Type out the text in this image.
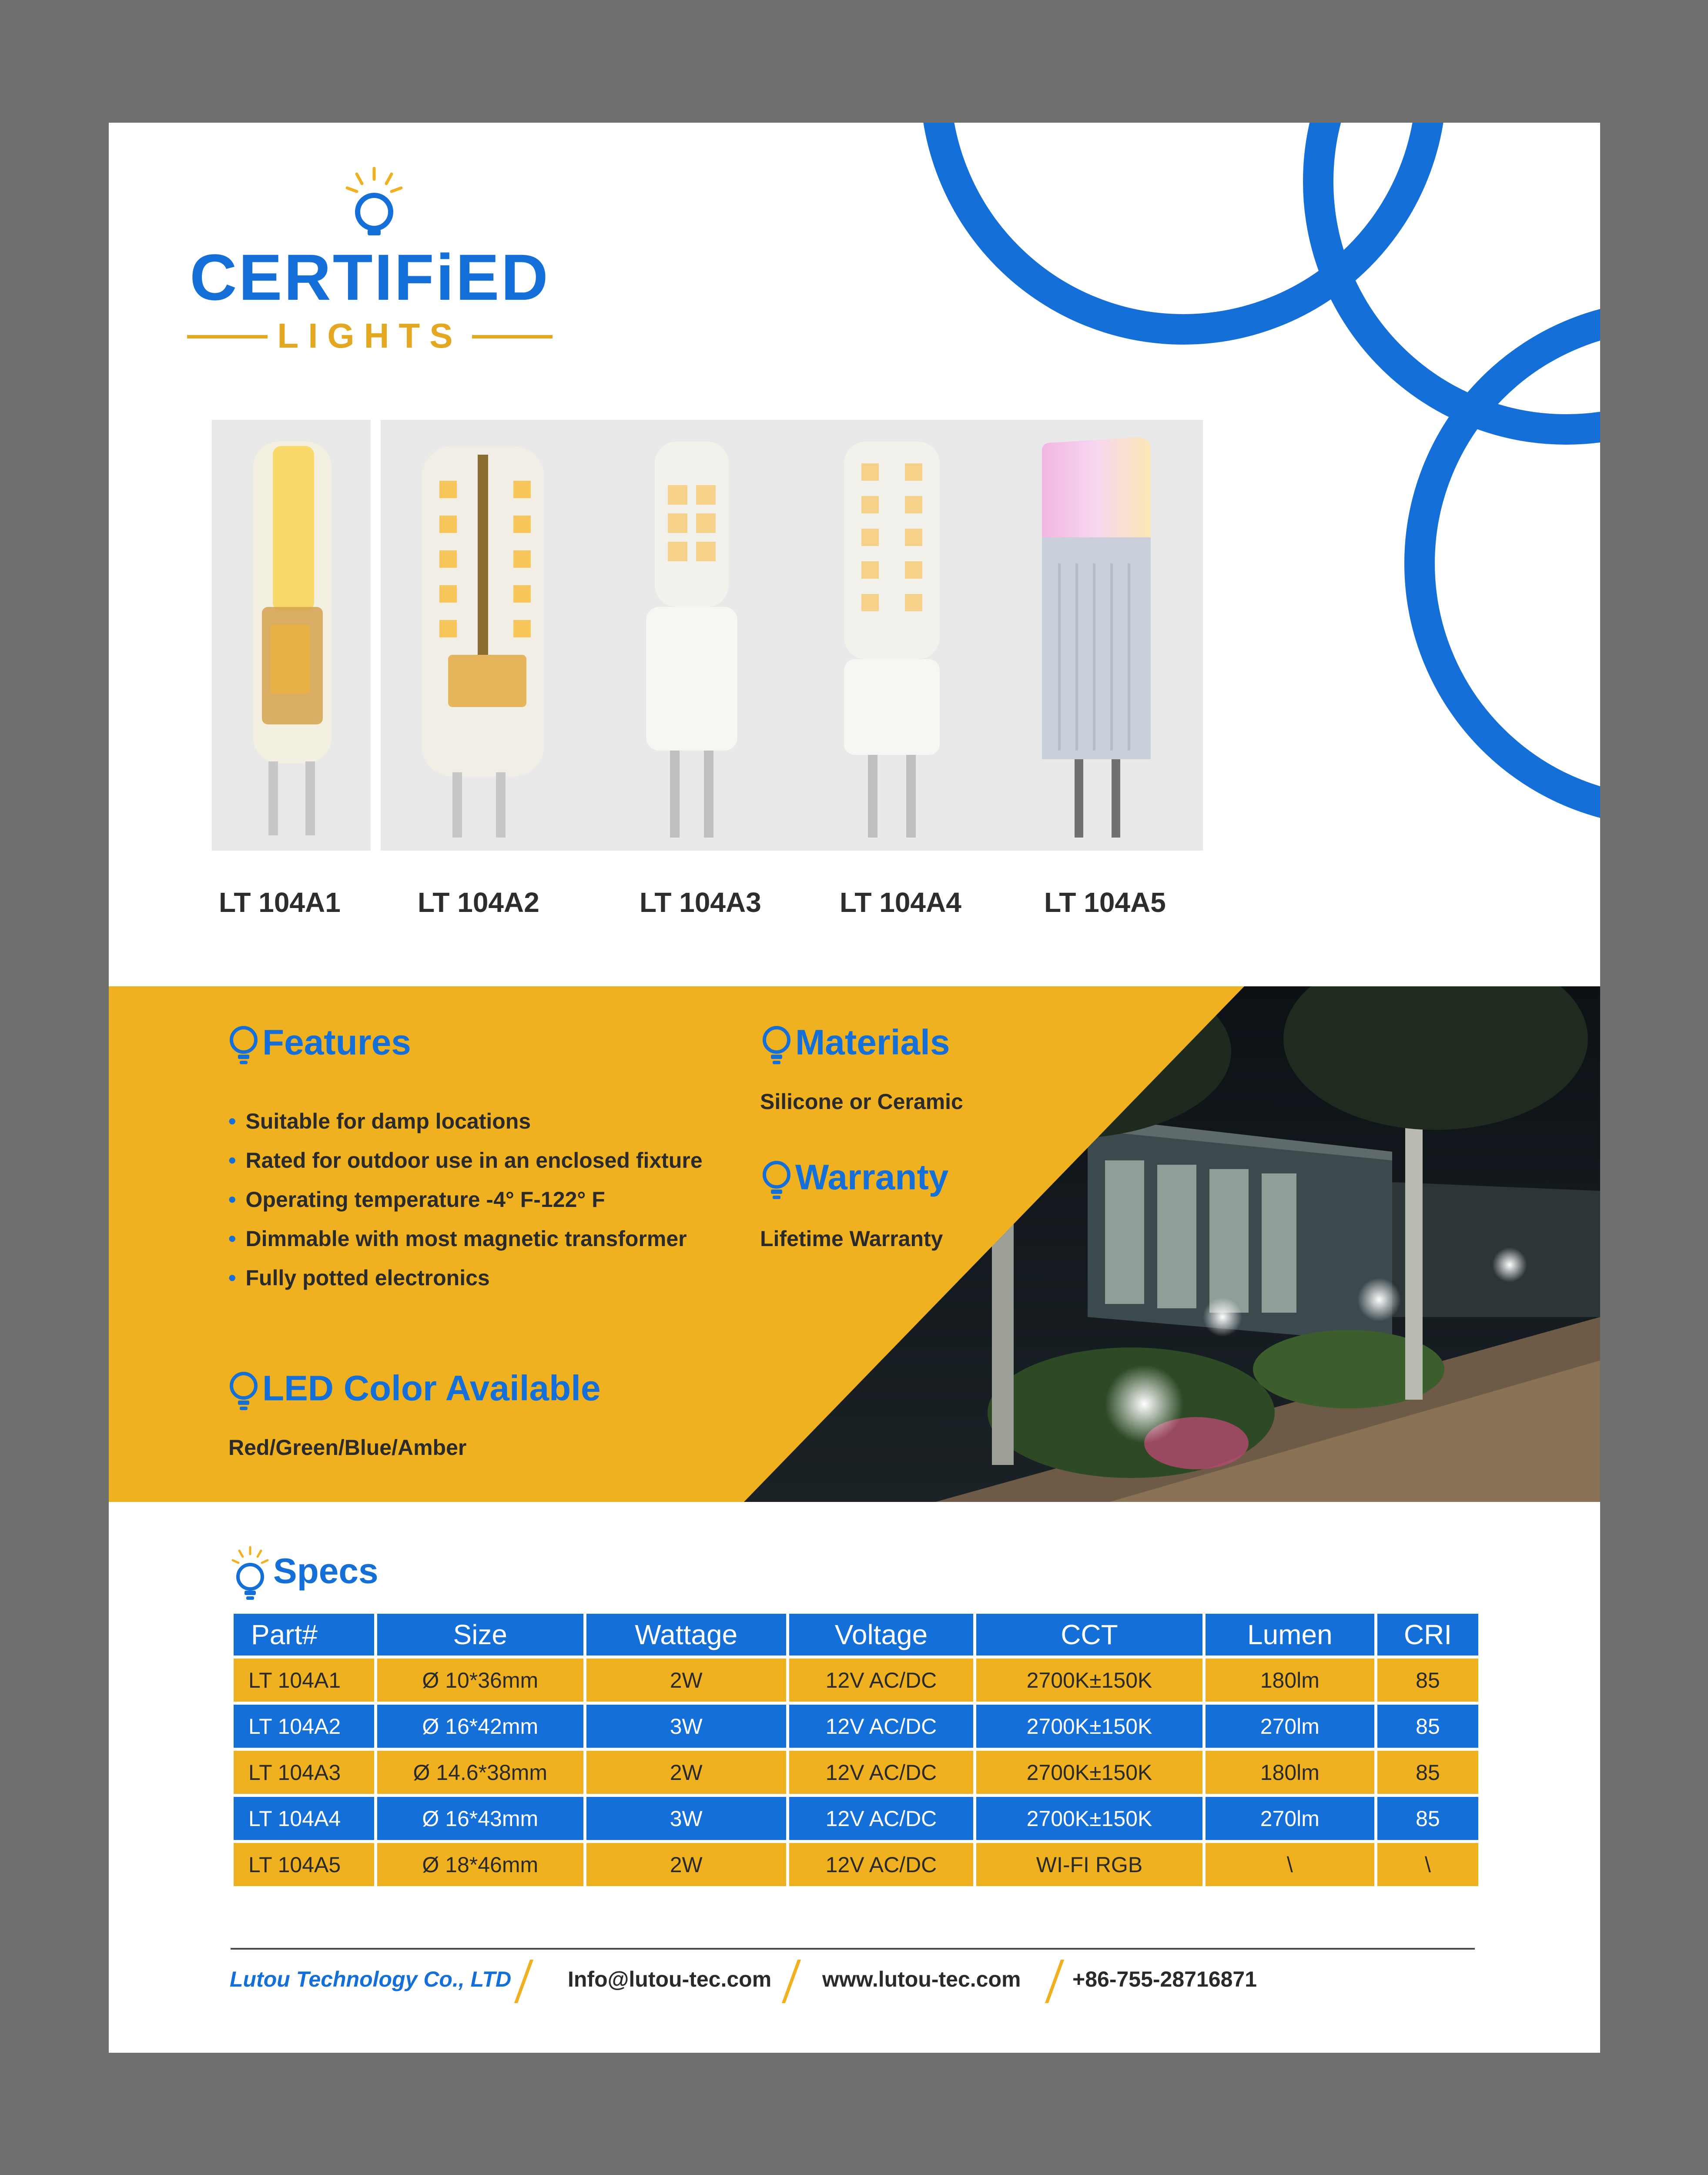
CERTIFiED
LIGHTS
LT 104A1	LT 104A2	LT 104A3	LT 104A4	LT 104A5
Features
• Suitable for damp locations
• Rated for outdoor use in an enclosed fixture
• Operating temperature -4° F-122° F
• Dimmable with most magnetic transformer
• Fully potted electronics
Materials
Silicone or Ceramic
Warranty
Lifetime Warranty
LED Color Available
Red/Green/Blue/Amber
Specs
Part#	Size	Wattage	Voltage	CCT	Lumen	CRI
LT 104A1	Ø 10*36mm	2W	12V AC/DC	2700K±150K	180lm	85
LT 104A2	Ø 16*42mm	3W	12V AC/DC	2700K±150K	270lm	85
LT 104A3	Ø 14.6*38mm	2W	12V AC/DC	2700K±150K	180lm	85
LT 104A4	Ø 16*43mm	3W	12V AC/DC	2700K±150K	270lm	85
LT 104A5	Ø 18*46mm	2W	12V AC/DC	WI-FI RGB	\	\
Lutou Technology Co., LTD	Info@lutou-tec.com www.lutou-tec.com +86-755-28716871
